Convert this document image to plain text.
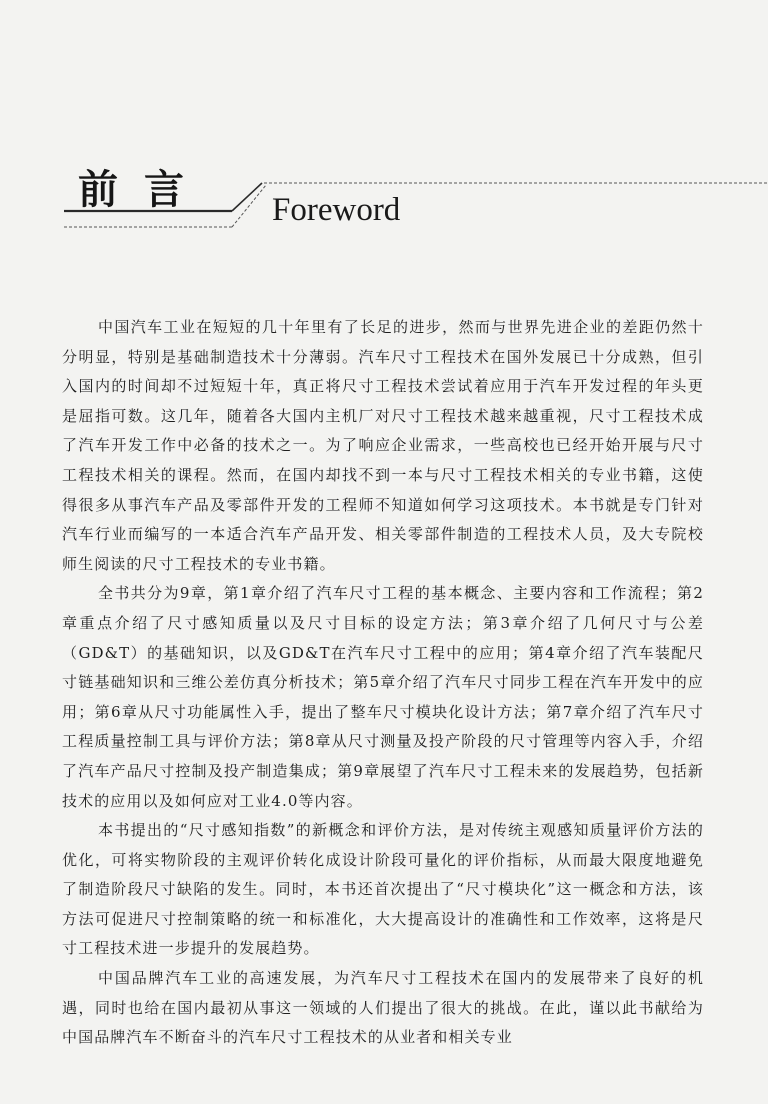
前言 Foreword

中国汽车工业在短短的几十年里有了长足的进步，然而与世界先进企业的差距仍然十分明显，特别是基础制造技术十分薄弱。汽车尺寸工程技术在国外发展已十分成熟，但引入国内的时间却不过短短十年，真正将尺寸工程技术尝试着应用于汽车开发过程的年头更是屈指可数。这几年，随着各大国内主机厂对尺寸工程技术越来越重视，尺寸工程技术成了汽车开发工作中必备的技术之一。为了响应企业需求，一些高校也已经开始开展与尺寸工程技术相关的课程。然而，在国内却找不到一本与尺寸工程技术相关的专业书籍，这使得很多从事汽车产品及零部件开发的工程师不知道如何学习这项技术。本书就是专门针对汽车行业而编写的一本适合汽车产品开发、相关零部件制造的工程技术人员，及大专院校师生阅读的尺寸工程技术的专业书籍。

全书共分为9章，第1章介绍了汽车尺寸工程的基本概念、主要内容和工作流程；第2章重点介绍了尺寸感知质量以及尺寸目标的设定方法；第3章介绍了几何尺寸与公差（GD&T）的基础知识，以及GD&T在汽车尺寸工程中的应用；第4章介绍了汽车装配尺寸链基础知识和三维公差仿真分析技术；第5章介绍了汽车尺寸同步工程在汽车开发中的应用；第6章从尺寸功能属性入手，提出了整车尺寸模块化设计方法；第7章介绍了汽车尺寸工程质量控制工具与评价方法；第8章从尺寸测量及投产阶段的尺寸管理等内容入手，介绍了汽车产品尺寸控制及投产制造集成；第9章展望了汽车尺寸工程未来的发展趋势，包括新技术的应用以及如何应对工业4.0等内容。

本书提出的“尺寸感知指数”的新概念和评价方法，是对传统主观感知质量评价方法的优化，可将实物阶段的主观评价转化成设计阶段可量化的评价指标，从而最大限度地避免了制造阶段尺寸缺陷的发生。同时，本书还首次提出了“尺寸模块化”这一概念和方法，该方法可促进尺寸控制策略的统一和标准化，大大提高设计的准确性和工作效率，这将是尺寸工程技术进一步提升的发展趋势。

中国品牌汽车工业的高速发展，为汽车尺寸工程技术在国内的发展带来了良好的机遇，同时也给在国内最初从事这一领域的人们提出了很大的挑战。在此，谨以此书献给为中国品牌汽车不断奋斗的汽车尺寸工程技术的从业者和相关专业
